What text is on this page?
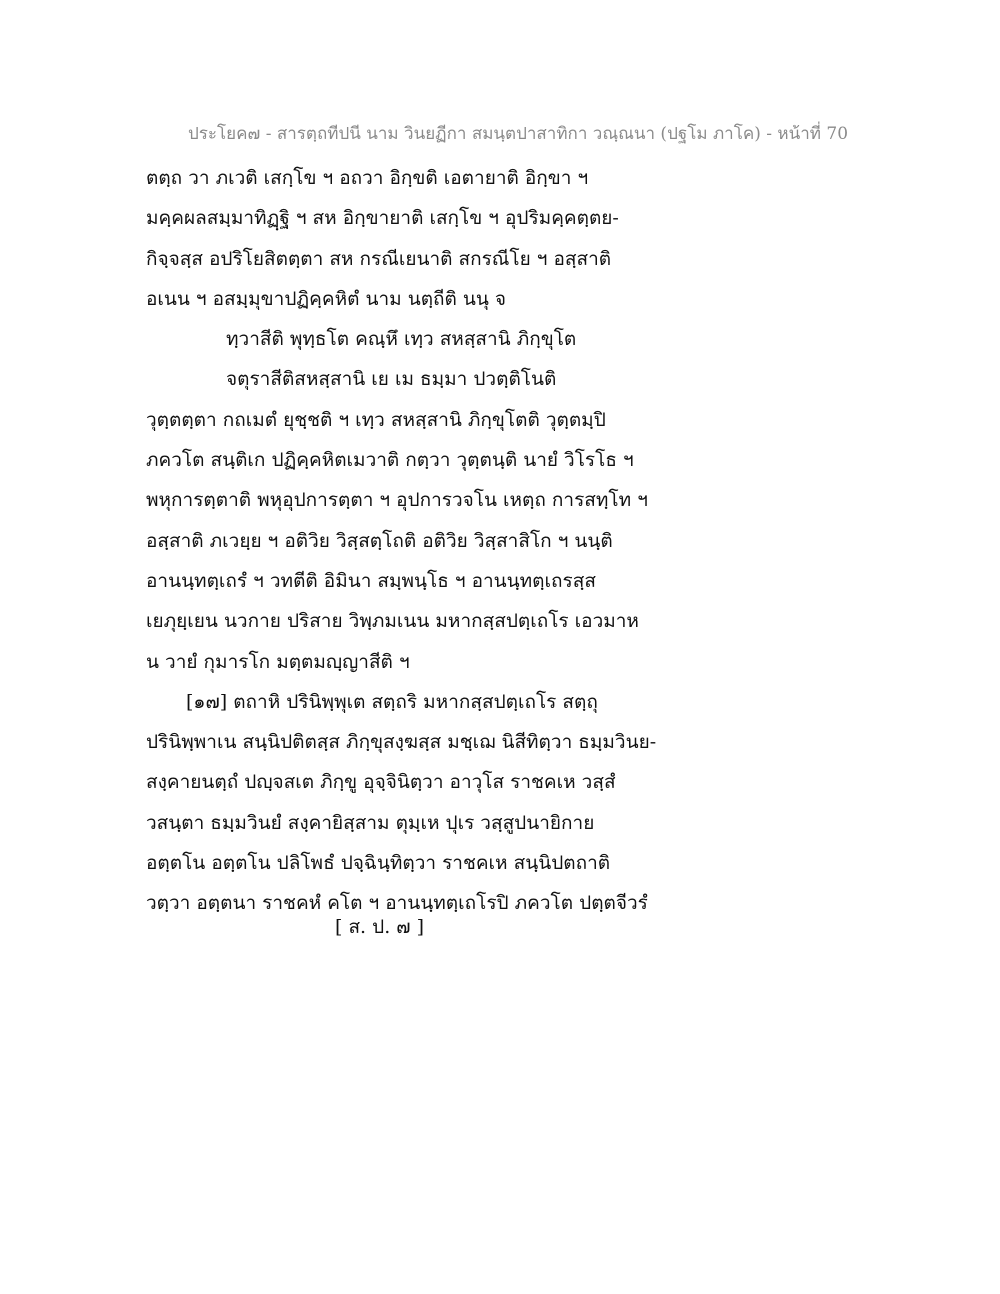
ประโยค๗ - สารตฺถทีปนี นาม วินยฏีกา สมนฺตปาสาทิกา วณฺณนา (ปฐโม ภาโค) - หน้าที่ 70
ตตฺถ วา ภเวติ เสกฺโข ฯ อถวา อิกฺขติ เอตายาติ อิกฺขา ฯ
มคฺคผลสมฺมาทิฏฺฐิ ฯ สห อิกฺขายาติ เสกฺโข ฯ อุปริมคฺคตฺตย-
กิจฺจสฺส อปริโยสิตตฺตา สห กรณีเยนาติ สกรณีโย ฯ อสฺสาติ
อเนน ฯ อสมฺมุขาปฏิคฺคหิตํ นาม นตฺถีติ นนุ จ
ทฺวาสีติ พุทฺธโต คณฺหึ เทฺว สหสฺสานิ ภิกฺขุโต
จตุราสีติสหสฺสานิ เย เม ธมฺมา ปวตฺติโนติ
วุตฺตตฺตา กถเมตํ ยุชฺชติ ฯ เทฺว สหสฺสานิ ภิกฺขุโตติ วุตฺตมฺปิ
ภควโต สนฺติเก ปฏิคฺคหิตเมวาติ กตฺวา วุตฺตนฺติ นายํ วิโรโธ ฯ
พหุการตฺตาติ พหุอุปการตฺตา ฯ อุปการวจโน เหตฺถ การสทฺโท ฯ
อสฺสาติ ภเวยฺย ฯ อติวิย วิสฺสตฺโถติ อติวิย วิสฺสาสิโก ฯ นนฺติ
อานนฺทตฺเถรํ ฯ วทตีติ อิมินา สมฺพนฺโธ ฯ อานนฺทตฺเถรสฺส
เยภุยฺเยน นวกาย ปริสาย วิพฺภมเนน มหากสฺสปตฺเถโร เอวมาห
น วายํ กุมารโก มตฺตมญฺญาสีติ ฯ
[๑๗] ตถาหิ ปรินิพฺพุเต สตฺถริ มหากสฺสปตฺเถโร สตฺถุ
ปรินิพฺพาเน สนฺนิปติตสฺส ภิกฺขุสงฺฆสฺส มชฺเฌ นิสีทิตฺวา ธมฺมวินย-
สงฺคายนตฺถํ ปญฺจสเต ภิกฺขู อุจฺจินิตฺวา อาวุโส ราชคเห วสฺสํ
วสนฺตา ธมฺมวินยํ สงฺคายิสฺสาม ตุมฺเห ปุเร วสฺสูปนายิกาย
อตฺตโน อตฺตโน ปลิโพธํ ปจฺฉินฺทิตฺวา ราชคเห สนฺนิปตถาติ
วตฺวา อตฺตนา ราชคหํ คโต ฯ อานนฺทตฺเถโรปิ ภควโต ปตฺตจีวรํ
[ ส. ป. ๗ ]
